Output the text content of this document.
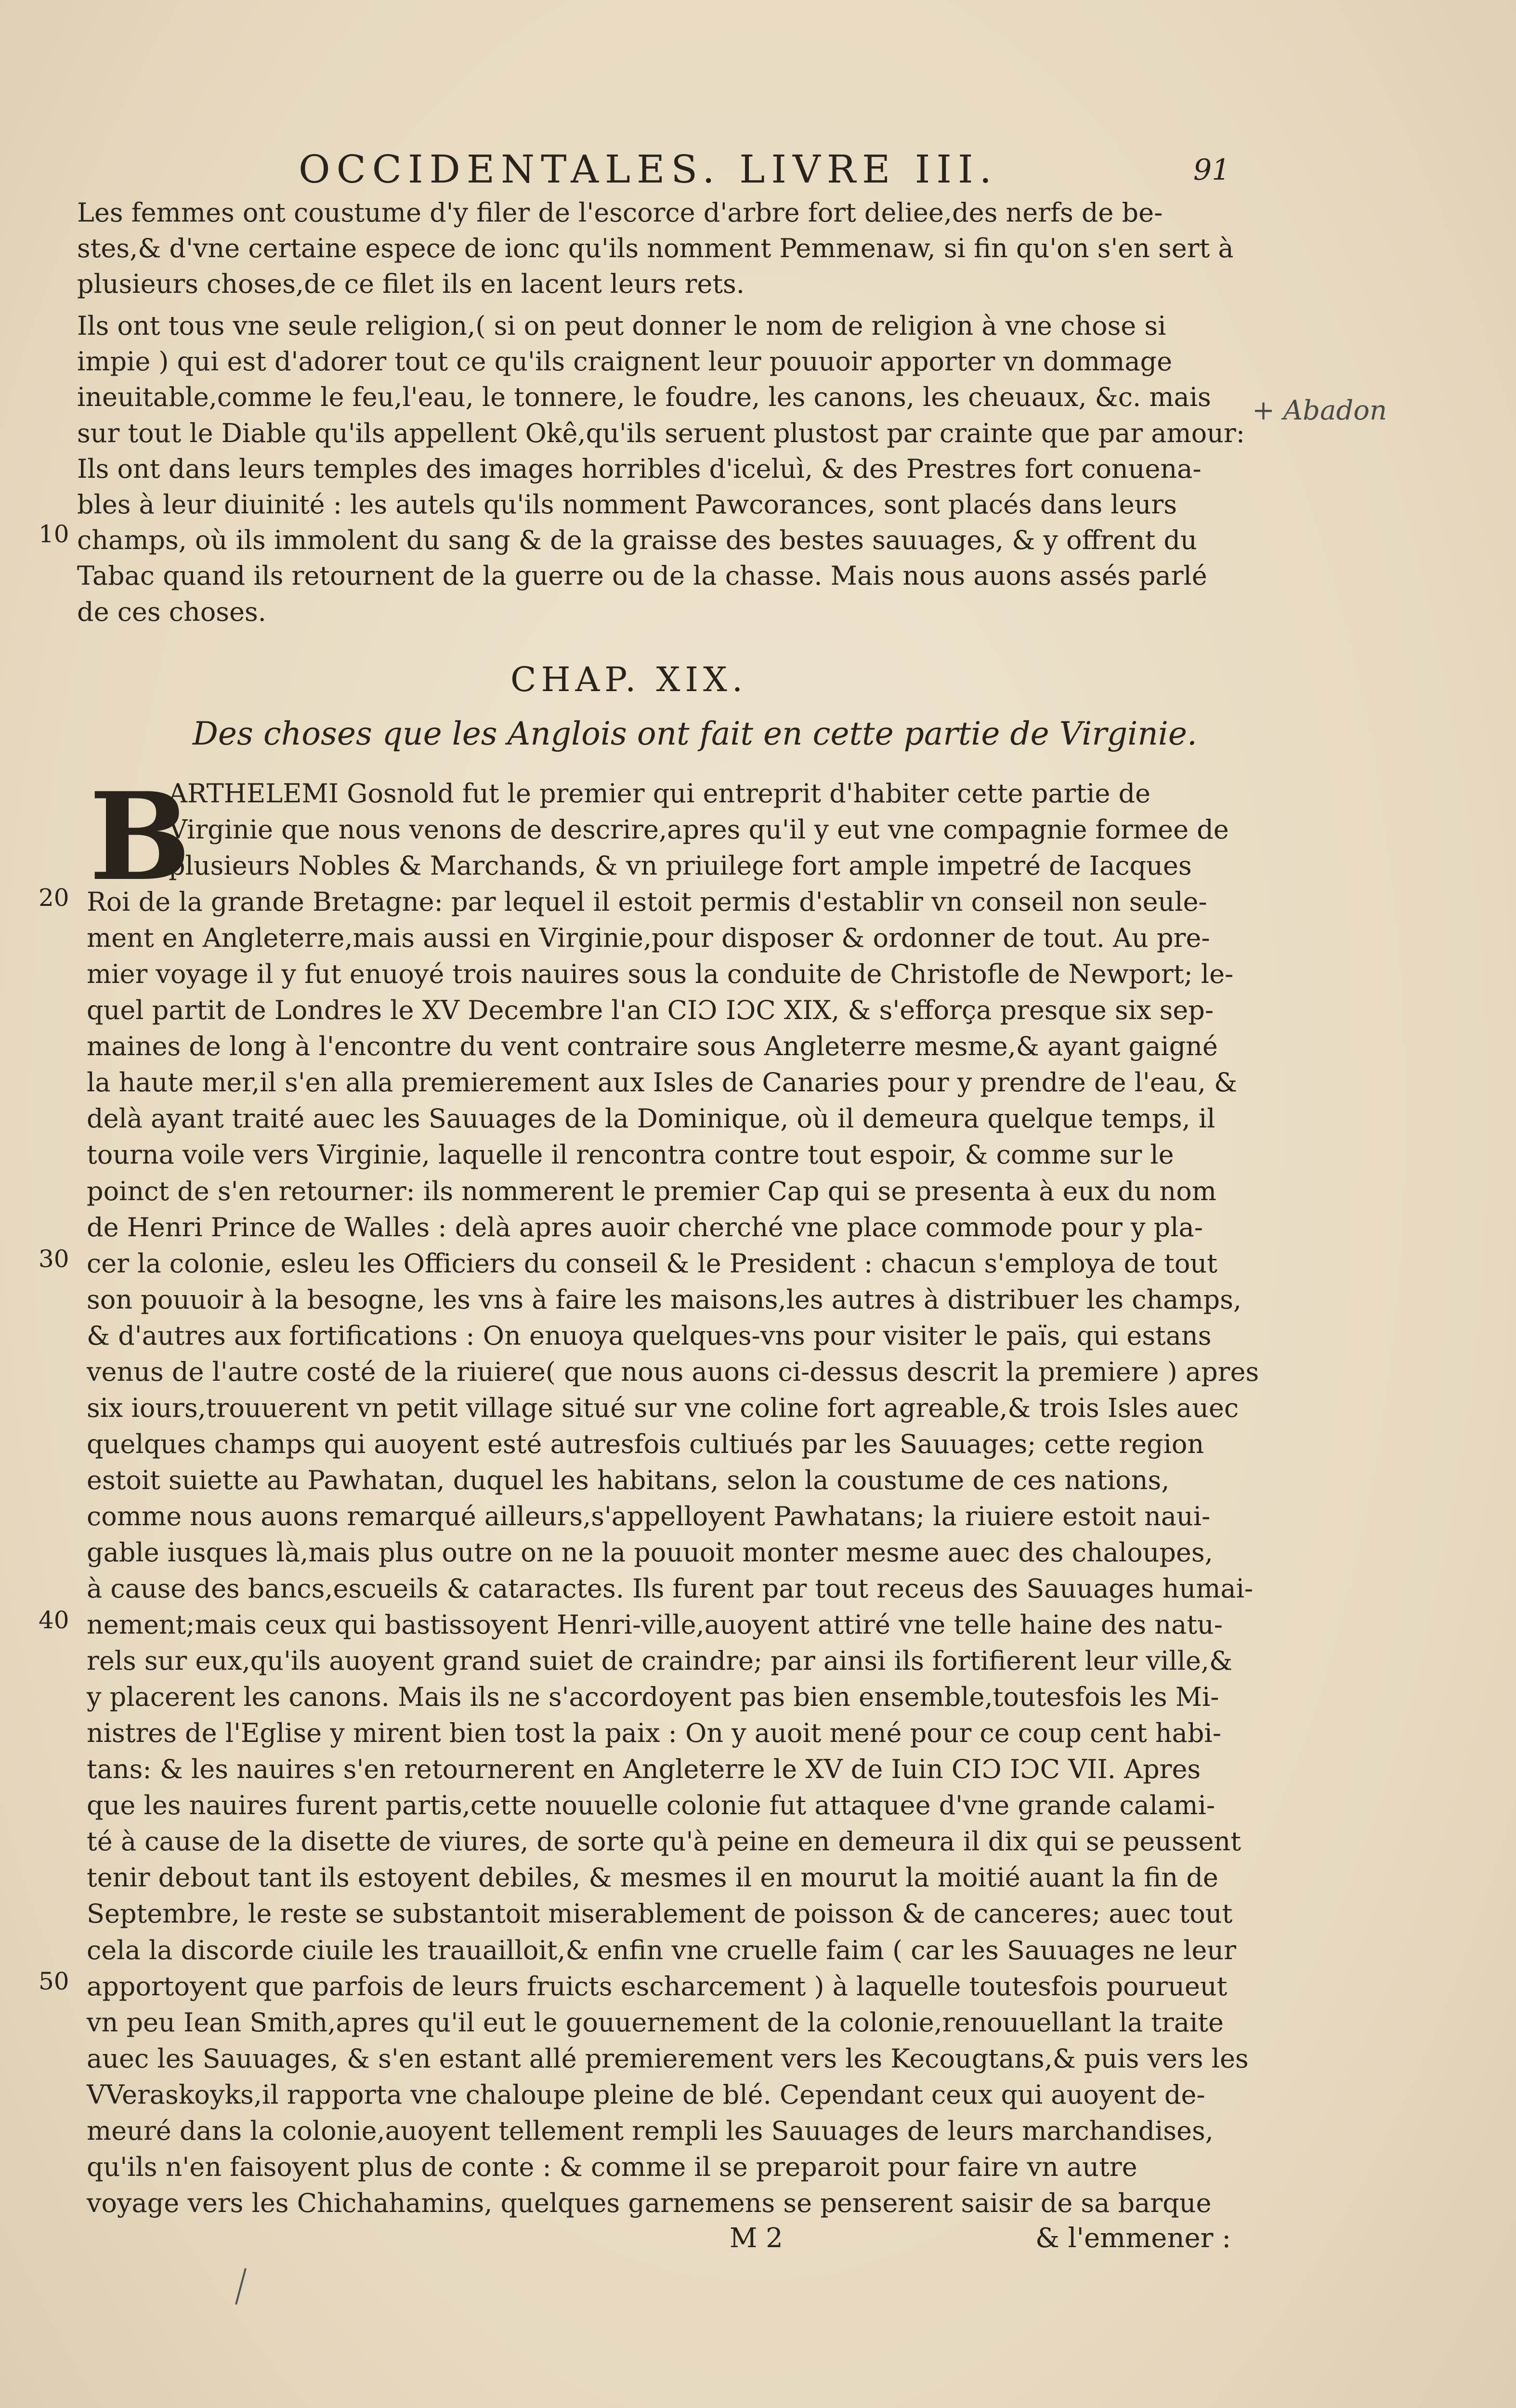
OCCIDENTALES. LIVRE III.	91
Les femmes ont coustume d'y filer de l'escorce d'arbre fort deliee,des nerfs de be-
stes,& d'vne certaine espece de ionc qu'ils nomment Pemmenaw, si fin qu'on s'en sert à
plusieurs choses,de ce filet ils en lacent leurs rets.
Ils ont tous vne seule religion,( si on peut donner le nom de religion à vne chose si
impie ) qui est d'adorer tout ce qu'ils craignent leur pouuoir apporter vn dommage
ineuitable,comme le feu,l'eau, le tonnere, le foudre, les canons, les cheuaux, &c. mais
sur tout le Diable qu'ils appellent Okê,qu'ils seruent plustost par crainte que par amour:
Ils ont dans leurs temples des images horribles d'iceluì, & des Prestres fort conuena-
bles à leur diuinité : les autels qu'ils nomment Pawcorances, sont placés dans leurs
champs, où ils immolent du sang & de la graisse des bestes sauuages, & y offrent du
Tabac quand ils retournent de la guerre ou de la chasse. Mais nous auons assés parlé
de ces choses.
CHAP. XIX.
Des choses que les Anglois ont fait en cette partie de Virginie.
B
ARTHELEMI Gosnold fut le premier qui entreprit d'habiter cette partie de
Virginie que nous venons de descrire,apres qu'il y eut vne compagnie formee de
plusieurs Nobles & Marchands, & vn priuilege fort ample impetré de Iacques
Roi de la grande Bretagne: par lequel il estoit permis d'establir vn conseil non seule-
ment en Angleterre,mais aussi en Virginie,pour disposer & ordonner de tout. Au pre-
mier voyage il y fut enuoyé trois nauires sous la conduite de Christofle de Newport; le-
quel partit de Londres le XV Decembre l'an CIƆ IƆC XIX, & s'efforça presque six sep-
maines de long à l'encontre du vent contraire sous Angleterre mesme,& ayant gaigné
la haute mer,il s'en alla premierement aux Isles de Canaries pour y prendre de l'eau, &
delà ayant traité auec les Sauuages de la Dominique, où il demeura quelque temps, il
tourna voile vers Virginie, laquelle il rencontra contre tout espoir, & comme sur le
poinct de s'en retourner: ils nommerent le premier Cap qui se presenta à eux du nom
de Henri Prince de Walles : delà apres auoir cherché vne place commode pour y pla-
cer la colonie, esleu les Officiers du conseil & le President : chacun s'employa de tout
son pouuoir à la besogne, les vns à faire les maisons,les autres à distribuer les champs,
& d'autres aux fortifications : On enuoya quelques-vns pour visiter le païs, qui estans
venus de l'autre costé de la riuiere( que nous auons ci-dessus descrit la premiere ) apres
six iours,trouuerent vn petit village situé sur vne coline fort agreable,& trois Isles auec
quelques champs qui auoyent esté autresfois cultiués par les Sauuages; cette region
estoit suiette au Pawhatan, duquel les habitans, selon la coustume de ces nations,
comme nous auons remarqué ailleurs,s'appelloyent Pawhatans; la riuiere estoit naui-
gable iusques là,mais plus outre on ne la pouuoit monter mesme auec des chaloupes,
à cause des bancs,escueils & cataractes. Ils furent par tout receus des Sauuages humai-
nement;mais ceux qui bastissoyent Henri-ville,auoyent attiré vne telle haine des natu-
rels sur eux,qu'ils auoyent grand suiet de craindre; par ainsi ils fortifierent leur ville,&
y placerent les canons. Mais ils ne s'accordoyent pas bien ensemble,toutesfois les Mi-
nistres de l'Eglise y mirent bien tost la paix : On y auoit mené pour ce coup cent habi-
tans: & les nauires s'en retournerent en Angleterre le XV de Iuin CIƆ IƆC VII. Apres
que les nauires furent partis,cette nouuelle colonie fut attaquee d'vne grande calami-
té à cause de la disette de viures, de sorte qu'à peine en demeura il dix qui se peussent
tenir debout tant ils estoyent debiles, & mesmes il en mourut la moitié auant la fin de
Septembre, le reste se substantoit miserablement de poisson & de canceres; auec tout
cela la discorde ciuile les trauailloit,& enfin vne cruelle faim ( car les Sauuages ne leur
apportoyent que parfois de leurs fruicts escharcement ) à laquelle toutesfois pourueut
vn peu Iean Smith,apres qu'il eut le gouuernement de la colonie,renouuellant la traite
auec les Sauuages, & s'en estant allé premierement vers les Kecougtans,& puis vers les
VVeraskoyks,il rapporta vne chaloupe pleine de blé. Cependant ceux qui auoyent de-
meuré dans la colonie,auoyent tellement rempli les Sauuages de leurs marchandises,
qu'ils n'en faisoyent plus de conte : & comme il se preparoit pour faire vn autre
voyage vers les Chichahamins, quelques garnemens se penserent saisir de sa barque
10
20
30
40
50
M 2	& l'emmener :
+ Abadon
